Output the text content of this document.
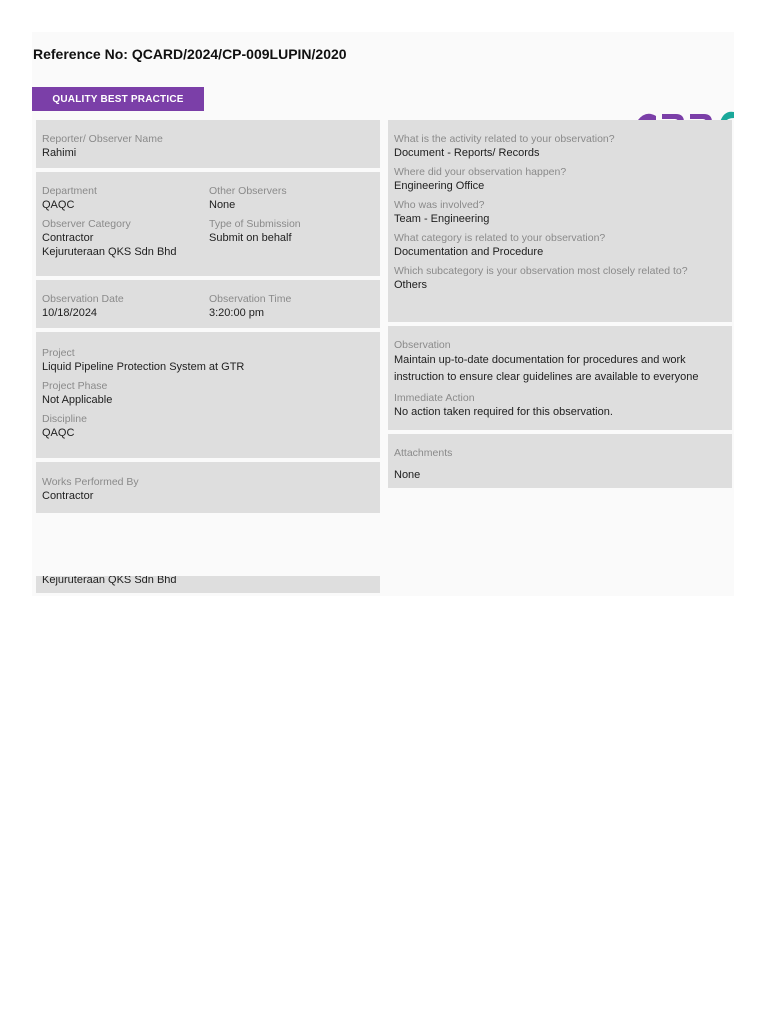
Reference No: QCARD/2024/CP-009LUPIN/2020
QUALITY BEST PRACTICE
Reporter/ Observer Name
Rahimi
Department
QAQC
Observer Category
Contractor
Kejuruteraan QKS Sdn Bhd
Other Observers
None
Type of Submission
Submit on behalf
Observation Date
10/18/2024
Observation Time
3:20:00 pm
Project
Liquid Pipeline Protection System at GTR
Project Phase
Not Applicable
Discipline
QAQC
Works Performed By
Contractor
Kejuruteraan QKS Sdn Bhd
What is the activity related to your observation?
Document - Reports/ Records
Where did your observation happen?
Engineering Office
Who was involved?
Team - Engineering
What category is related to your observation?
Documentation and Procedure
Which subcategory is your observation most closely related to?
Others
Observation
Maintain up-to-date documentation for procedures and work instruction to ensure clear guidelines are available to everyone
Immediate Action
No action taken required for this observation.
Attachments
None
